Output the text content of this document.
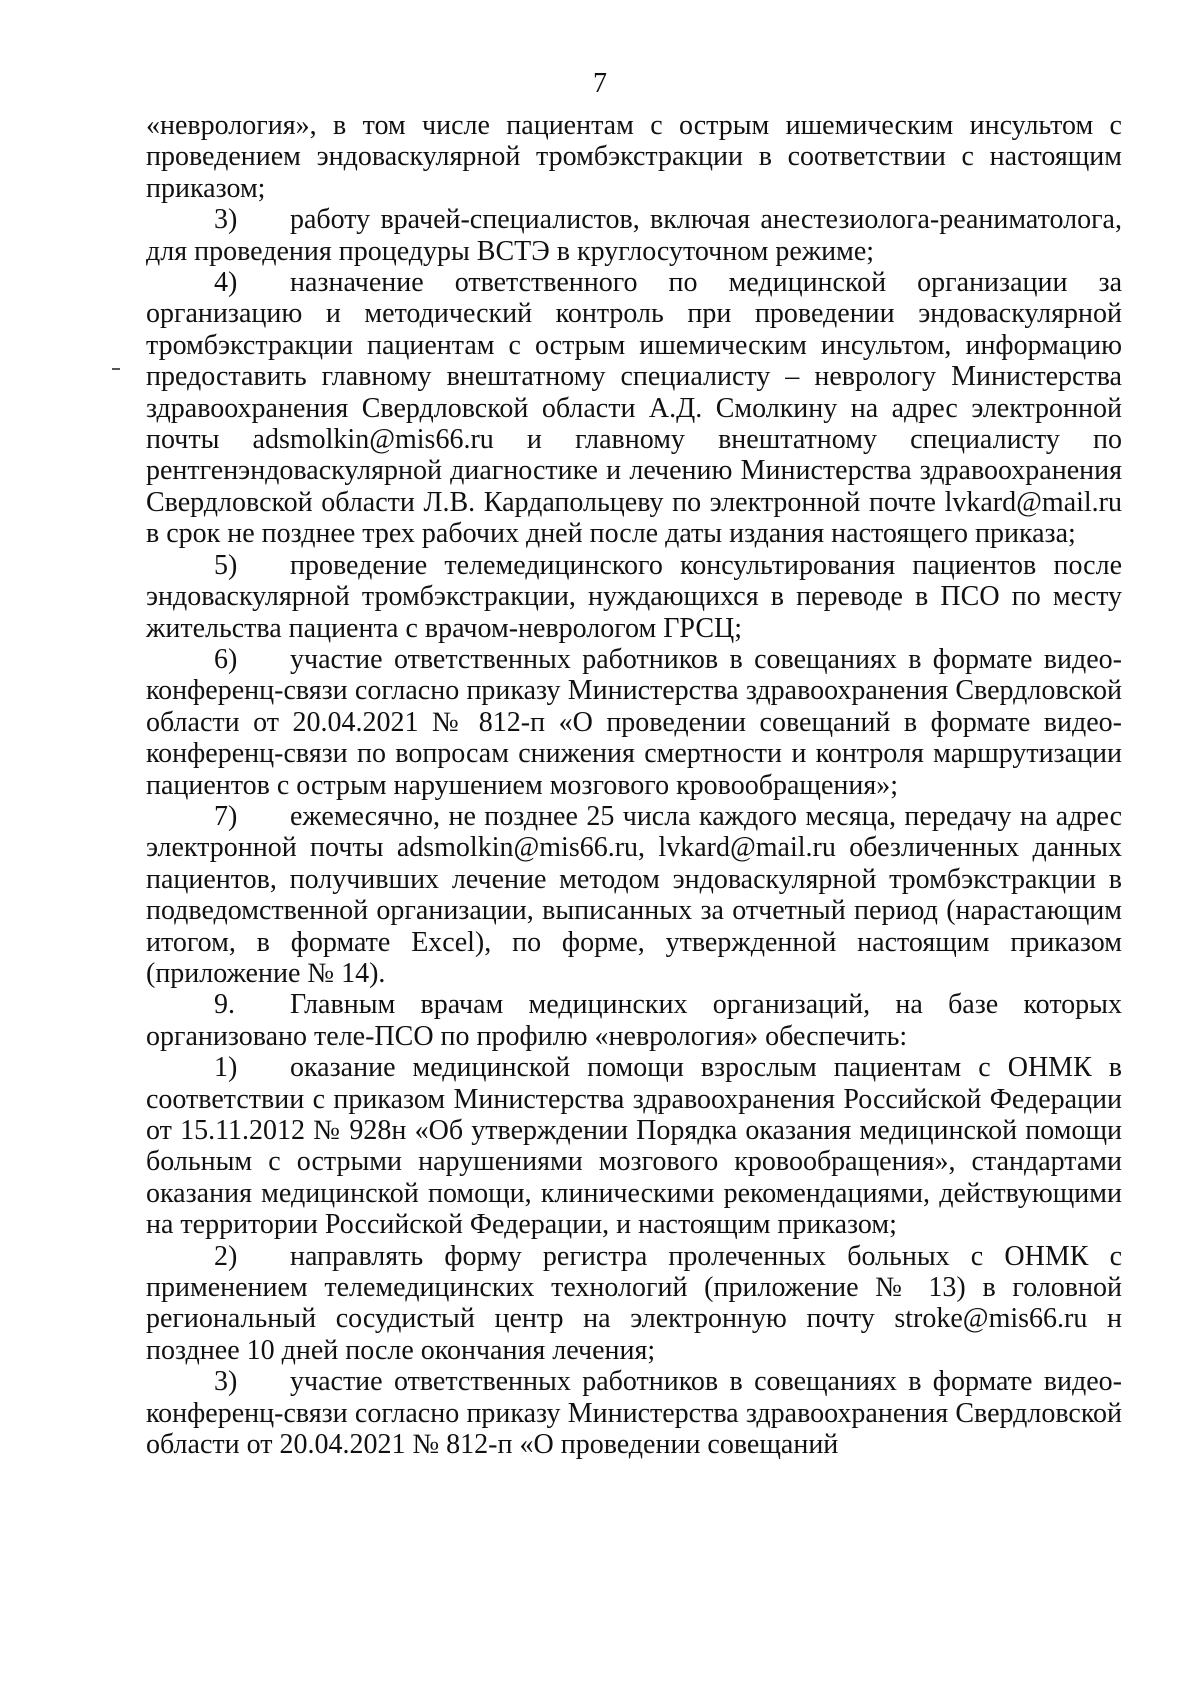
7

«неврология», в том числе пациентам с острым ишемическим инсультом с проведением эндоваскулярной тромбэкстракции в соответствии с настоящим приказом;

3) работу врачей-специалистов, включая анестезиолога-реаниматолога, для проведения процедуры ВСТЭ в круглосуточном режиме;

4) назначение ответственного по медицинской организации за организацию и методический контроль при проведении эндоваскулярной тромбэкстракции пациентам с острым ишемическим инсультом, информацию предоставить главному внештатному специалисту – неврологу Министерства здравоохранения Свердловской области А.Д. Смолкину на адрес электронной почты adsmolkin@mis66.ru и главному внештатному специалисту по рентгенэндоваскулярной диагностике и лечению Министерства здравоохранения Свердловской области Л.В. Кардапольцеву по электронной почте lvkard@mail.ru в срок не позднее трех рабочих дней после даты издания настоящего приказа;

5) проведение телемедицинского консультирования пациентов после эндоваскулярной тромбэкстракции, нуждающихся в переводе в ПСО по месту жительства пациента с врачом-неврологом ГРСЦ;

6) участие ответственных работников в совещаниях в формате видео-конференц-связи согласно приказу Министерства здравоохранения Свердловской области от 20.04.2021 № 812-п «О проведении совещаний в формате видео-конференц-связи по вопросам снижения смертности и контроля маршрутизации пациентов с острым нарушением мозгового кровообращения»;

7) ежемесячно, не позднее 25 числа каждого месяца, передачу на адрес электронной почты adsmolkin@mis66.ru, lvkard@mail.ru обезличенных данных пациентов, получивших лечение методом эндоваскулярной тромбэкстракции в подведомственной организации, выписанных за отчетный период (нарастающим итогом, в формате Excel), по форме, утвержденной настоящим приказом (приложение № 14).

9. Главным врачам медицинских организаций, на базе которых организовано теле-ПСО по профилю «неврология» обеспечить:

1) оказание медицинской помощи взрослым пациентам с ОНМК в соответствии с приказом Министерства здравоохранения Российской Федерации от 15.11.2012 № 928н «Об утверждении Порядка оказания медицинской помощи больным с острыми нарушениями мозгового кровообращения», стандартами оказания медицинской помощи, клиническими рекомендациями, действующими на территории Российской Федерации, и настоящим приказом;

2) направлять форму регистра пролеченных больных с ОНМК с применением телемедицинских технологий (приложение № 13) в головной региональный сосудистый центр на электронную почту stroke@mis66.ru н позднее 10 дней после окончания лечения;

3) участие ответственных работников в совещаниях в формате видео-конференц-связи согласно приказу Министерства здравоохранения Свердловской области от 20.04.2021 № 812-п «О проведении совещаний
